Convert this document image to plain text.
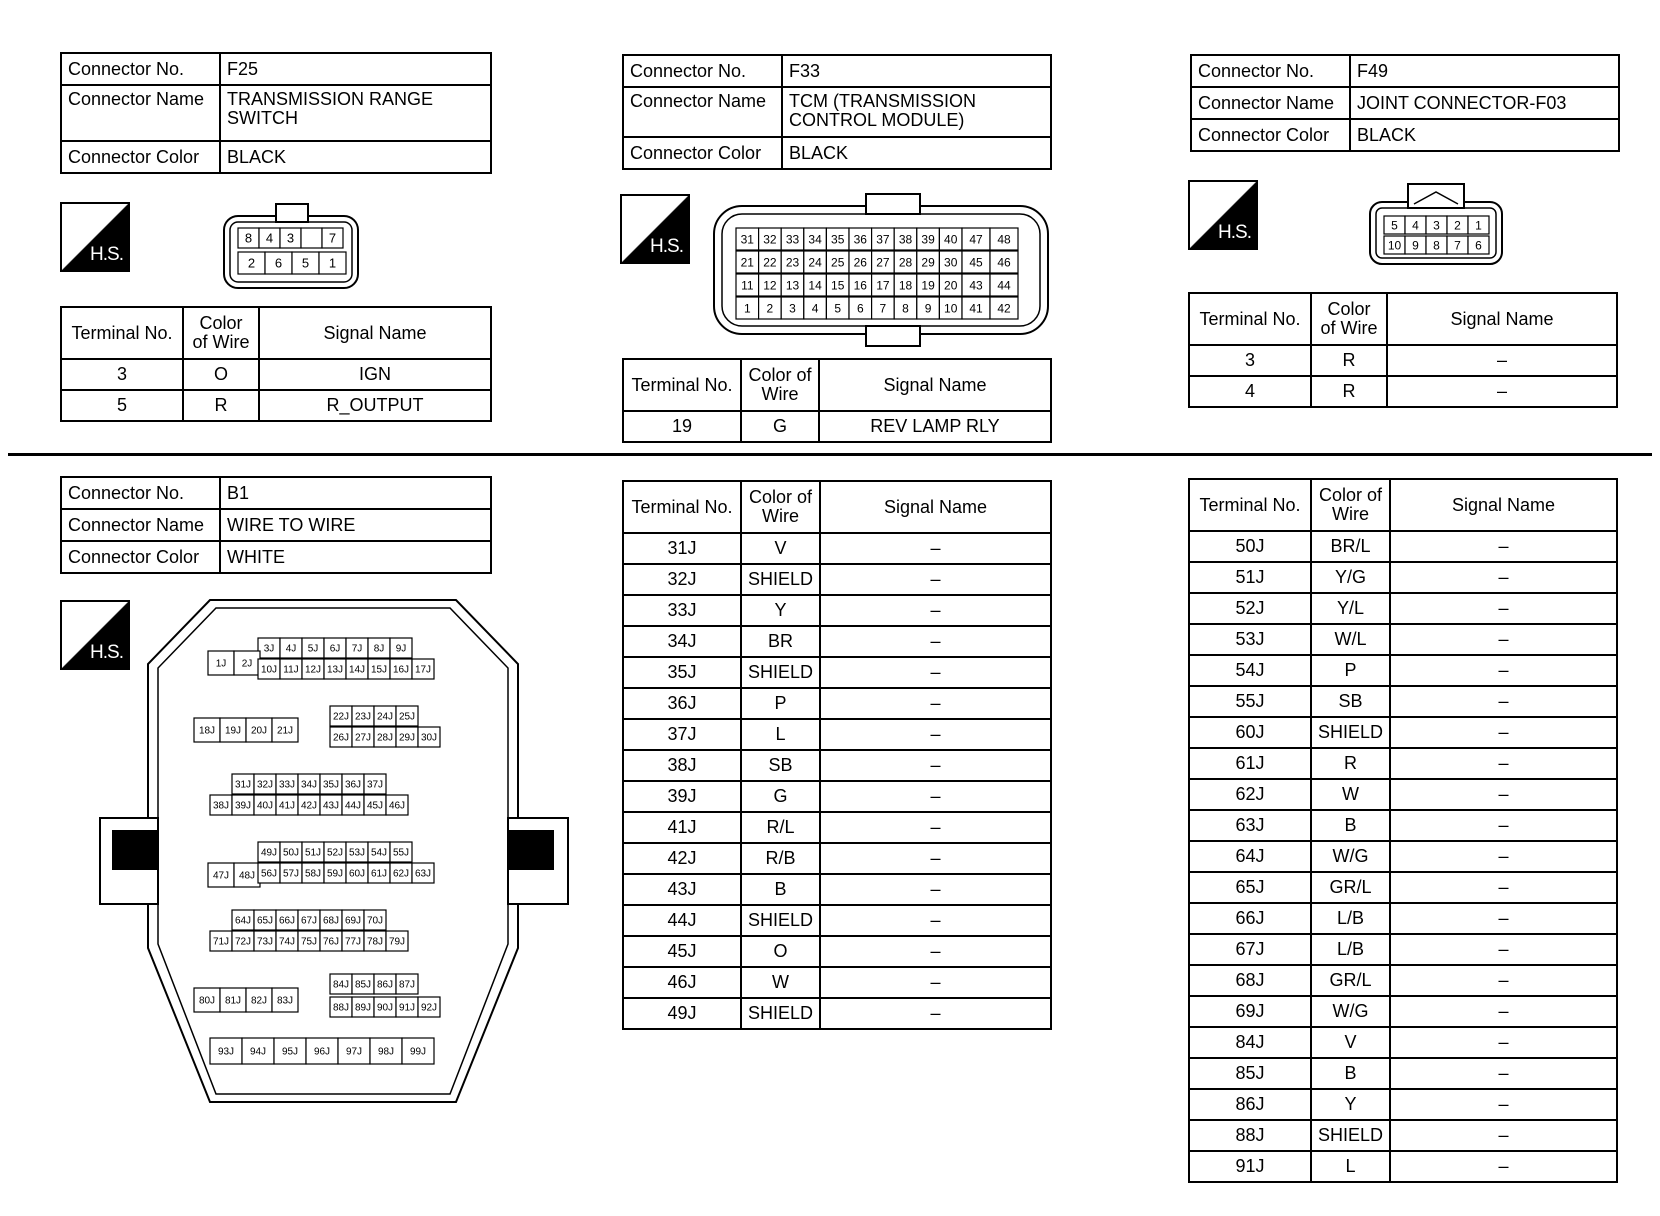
Connector No.	F25
Connector Name	TRANSMISSION RANGE SWITCH
Connector Color	BLACK
☟
H.S.
8 4 3	7
2 6 5 1
Terminal No.	Color of Wire	Signal Name
3	O	IGN
5	R	R_OUTPUT
Connector No.	F33
Connector Name	TCM (TRANSMISSION CONTROL MODULE)
Connector Color	BLACK
☟
H.S.	31 32 33 34 35 36 37 38 39 40 47 48
21 22 23 24 25 26 27 28 29 30 45 46
11 12 13 14 15 16 17 18 19 20 43 44
1 2 3 4 5 6 7 8 9 10 41 42
Terminal No.	Color of Wire	Signal Name
19	G	REV LAMP RLY
Connector No.	F49
Connector Name	JOINT CONNECTOR-F03
Connector Color	BLACK
☟
H.S.	5 4 3 2 1
10 9 8 7 6
Terminal No.	Color of Wire	Signal Name
3	R	–
4	R	–
Connector No.	B1
Connector Name	WIRE TO WIRE
Connector Color	WHITE
☟
H.S.	3J 4J 5J 6J 7J 8J 9J
1J 2J
10J 11J 12J 13J 14J 15J 16J 17J
22J 23J 24J 25J
18J 19J 20J 21J
26J 27J 28J 29J 30J
31J 32J 33J 34J 35J 36J 37J
38J 39J 40J 41J 42J 43J 44J 45J 46J
49J 50J 51J 52J 53J 54J 55J
47J 48J 56J 57J 58J 59J 60J 61J 62J 63J
64J 65J 66J 67J 68J 69J 70J
71J 72J 73J 74J 75J 76J 77J 78J 79J
84J 85J 86J 87J
80J 81J 82J 83J
88J 89J 90J 91J 92J
93J 94J 95J 96J 97J 98J 99J
Terminal No.	Color of Wire	Signal Name
31J	V	–
32J	SHIELD	–
33J	Y	–
34J	BR	–
35J	SHIELD	–
36J	P	–
37J	L	–
38J	SB	–
39J	G	–
41J	R/L	–
42J	R/B	–
43J	B	–
44J	SHIELD	–
45J	O	–
46J	W	–
49J	SHIELD	–
Terminal No.	Color of Wire	Signal Name
50J	BR/L	–
51J	Y/G	–
52J	Y/L	–
53J	W/L	–
54J	P	–
55J	SB	–
60J	SHIELD	–
61J	R	–
62J	W	–
63J	B	–
64J	W/G	–
65J	GR/L	–
66J	L/B	–
67J	L/B	–
68J	GR/L	–
69J	W/G	–
84J	V	–
85J	B	–
86J	Y	–
88J	SHIELD	–
91J	L	–
